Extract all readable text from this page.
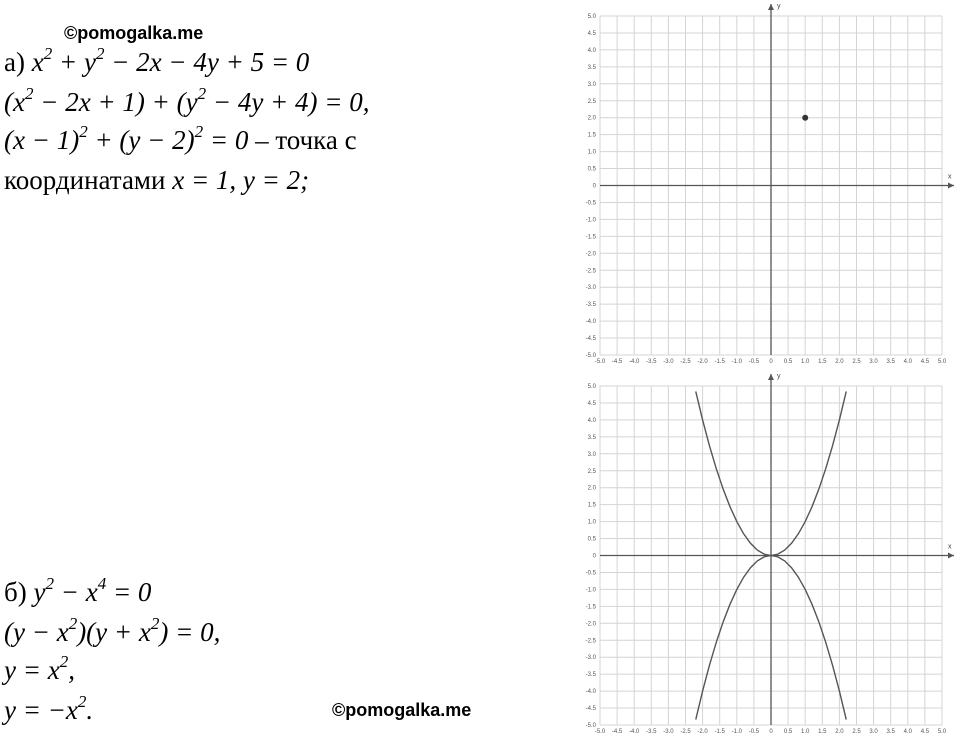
©pomogalka.me
а) $x^2 + y^2 - 2x - 4y + 5 = 0$
$(x^2 - 2x + 1) + (y^2 - 4y + 4) = 0$,
$(x - 1)^2 + (y - 2)^2 = 0$ – точка с
координатами x = 1, y = 2;
б) $y^2 - x^4 = 0$
$(y - x^2)(y + x^2) = 0$,
$y = x^2$,
$y = -x^2$.	©pomogalka.me
x
y
-5.0
-5.0
-4.5
-4.5
-4.0
-4.0
-3.5
-3.5
-3.0
-3.0
-2.5
-2.5
-2.0
-2.0
-1.5
-1.5
-1.0
-1.0
-0.5
-0.5
0
0
0.5
0.5
1.0
1.0
1.5
1.5
2.0
2.0
2.5
2.5
3.0
3.0
3.5
3.5
4.0
4.0
4.5
4.5
5.0
5.0
x
y
-5.0
-5.0
-4.5
-4.5
-4.0
-4.0
-3.5
-3.5
-3.0
-3.0
-2.5
-2.5
-2.0
-2.0
-1.5
-1.5
-1.0
-1.0
-0.5
-0.5
0
0
0.5
0.5
1.0
1.0
1.5
1.5
2.0
2.0
2.5
2.5
3.0
3.0
3.5
3.5
4.0
4.0
4.5
4.5
5.0
5.0
